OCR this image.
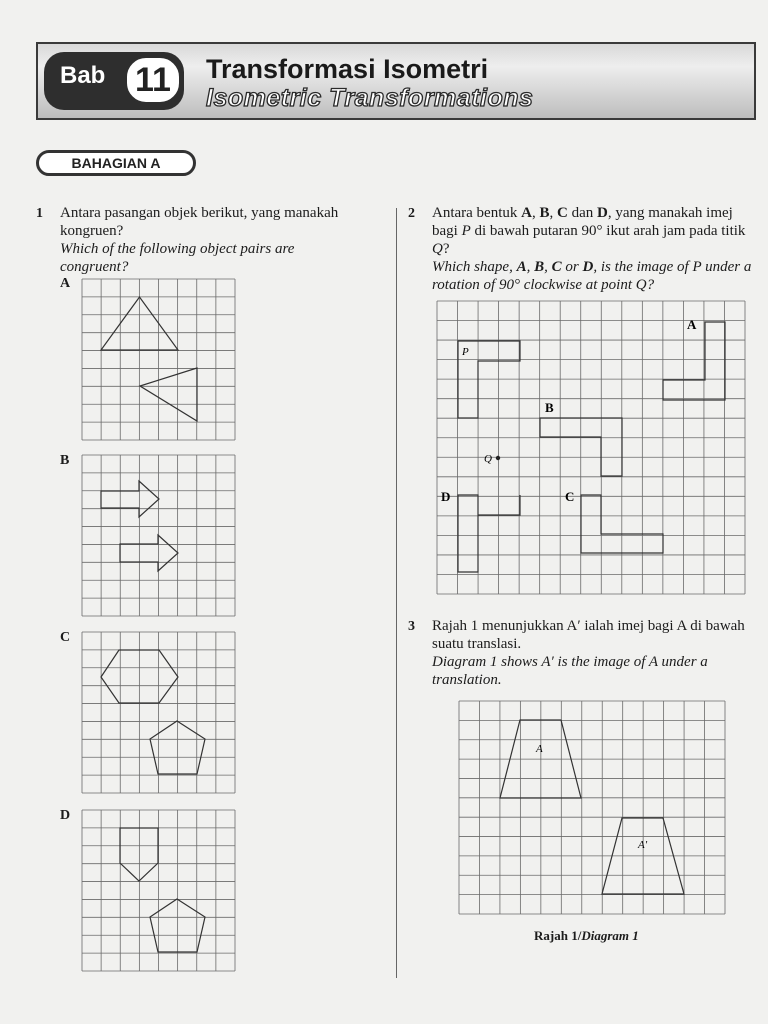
Bab 11	Transformasi Isometri
Isometric Transformations
BAHAGIAN A
1 Antara pasangan objek berikut, yang manakah kongruen?
Which of the following object pairs are congruent?
A
B
C
D
2 Antara bentuk A, B, C dan D, yang manakah imej bagi P di bawah putaran 90° ikut arah jam pada titik Q?
Which shape, A, B, C or D, is the image of P under a rotation of 90° clockwise at point Q?
P
A
B
Q
C
D
3 Rajah 1 menunjukkan A′ ialah imej bagi A di bawah suatu translasi.
Diagram 1 shows A′ is the image of A under a translation.
A
A′
Rajah 1/Diagram 1
